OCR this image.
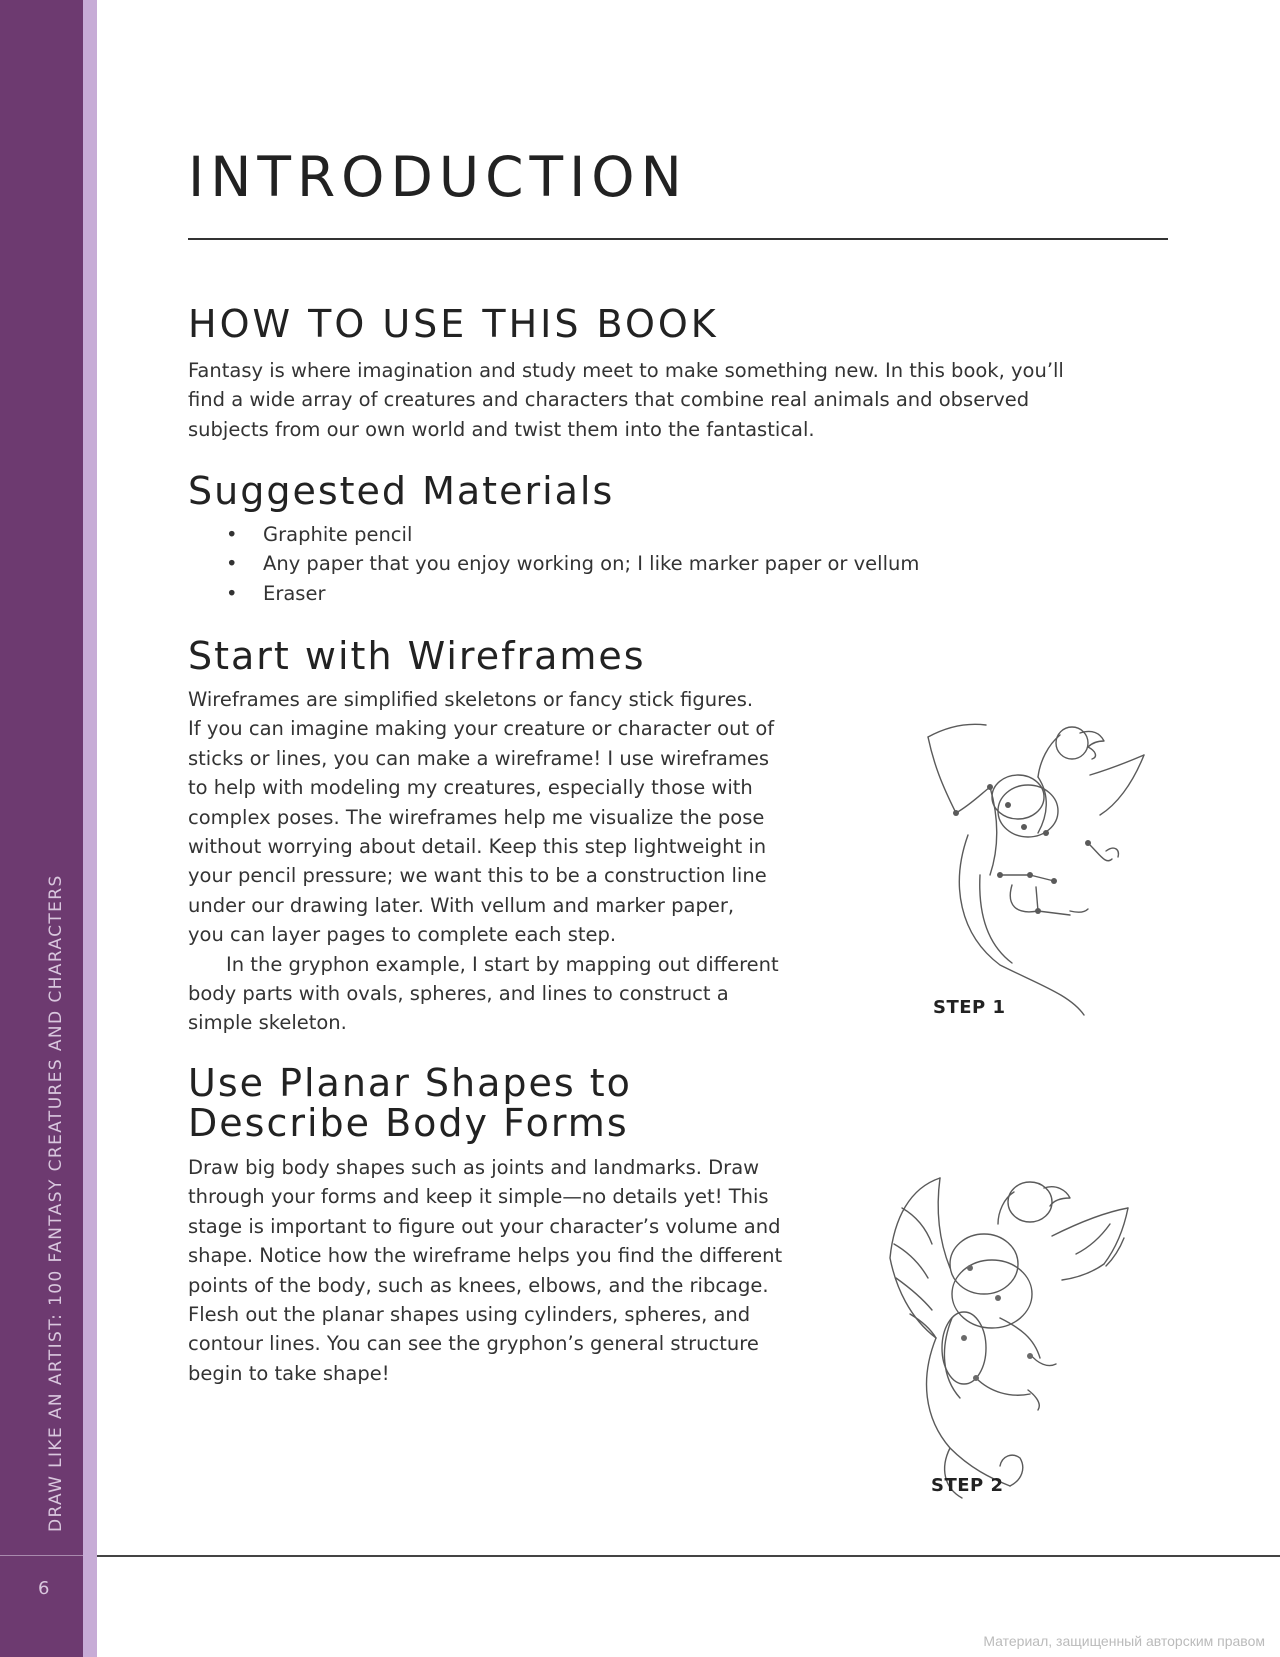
DRAW LIKE AN ARTIST: 100 FANTASY CREATURES AND CHARACTERS
6
INTRODUCTION
HOW TO USE THIS BOOK

Fantasy is where imagination and study meet to make something new. In this book, you’ll
find a wide array of creatures and characters that combine real animals and observed
subjects from our own world and twist them into the fantastical.

Suggested Materials
• Graphite pencil
• Any paper that you enjoy working on; I like marker paper or vellum
• Eraser
Start with Wireframes

Wireframes are simplified skeletons or fancy stick figures.
If you can imagine making your creature or character out of
sticks or lines, you can make a wireframe! I use wireframes
to help with modeling my creatures, especially those with
complex poses. The wireframes help me visualize the pose
without worrying about detail. Keep this step lightweight in
your pencil pressure; we want this to be a construction line
under our drawing later. With vellum and marker paper,
you can layer pages to complete each step.
In the gryphon example, I start by mapping out different
body parts with ovals, spheres, and lines to construct a
simple skeleton.

Use Planar Shapes to
Describe Body Forms

Draw big body shapes such as joints and landmarks. Draw
through your forms and keep it simple—no details yet! This
stage is important to figure out your character’s volume and
shape. Notice how the wireframe helps you find the different
points of the body, such as knees, elbows, and the ribcage.
Flesh out the planar shapes using cylinders, spheres, and
contour lines. You can see the gryphon’s general structure
begin to take shape!

STEP 1
STEP 2
Материал, защищенный авторским правом
